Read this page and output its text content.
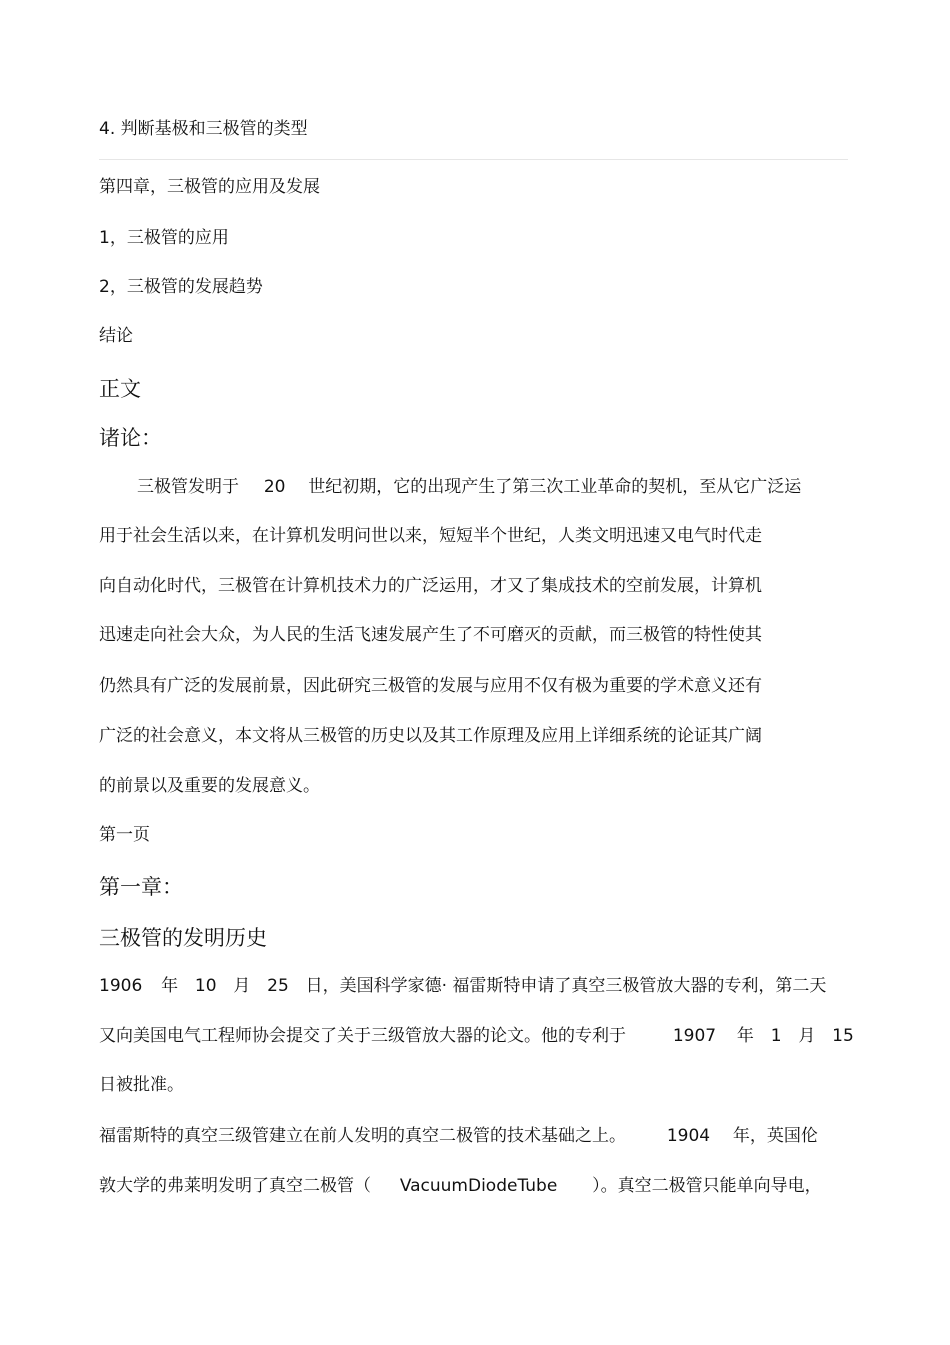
4. 判断基极和三极管的类型
第四章，三极管的应用及发展
1，三极管的应用
2，三极管的发展趋势
结论
正文
诸论：
三极管发明于 20 世纪初期，它的出现产生了第三次工业革命的契机，至从它广泛运
用于社会生活以来，在计算机发明问世以来，短短半个世纪，人类文明迅速又电气时代走
向自动化时代，三极管在计算机技术力的广泛运用，才又了集成技术的空前发展，计算机
迅速走向社会大众，为人民的生活飞速发展产生了不可磨灭的贡献，而三极管的特性使其
仍然具有广泛的发展前景，因此研究三极管的发展与应用不仅有极为重要的学术意义还有
广泛的社会意义，本文将从三极管的历史以及其工作原理及应用上详细系统的论证其广阔
的前景以及重要的发展意义。
第一页
第一章：
三极管的发明历史
1906 年 10 月 25 日，美国科学家德· 福雷斯特申请了真空三极管放大器的专利，第二天
又向美国电气工程师协会提交了关于三级管放大器的论文。他的专利于	1907 年 1 月 15
日被批准。
福雷斯特的真空三级管建立在前人发明的真空二极管的技术基础之上。 1904 年，英国伦
敦大学的弗莱明发明了真空二极管（ VacuumDiodeTube ）。真空二极管只能单向导电，
